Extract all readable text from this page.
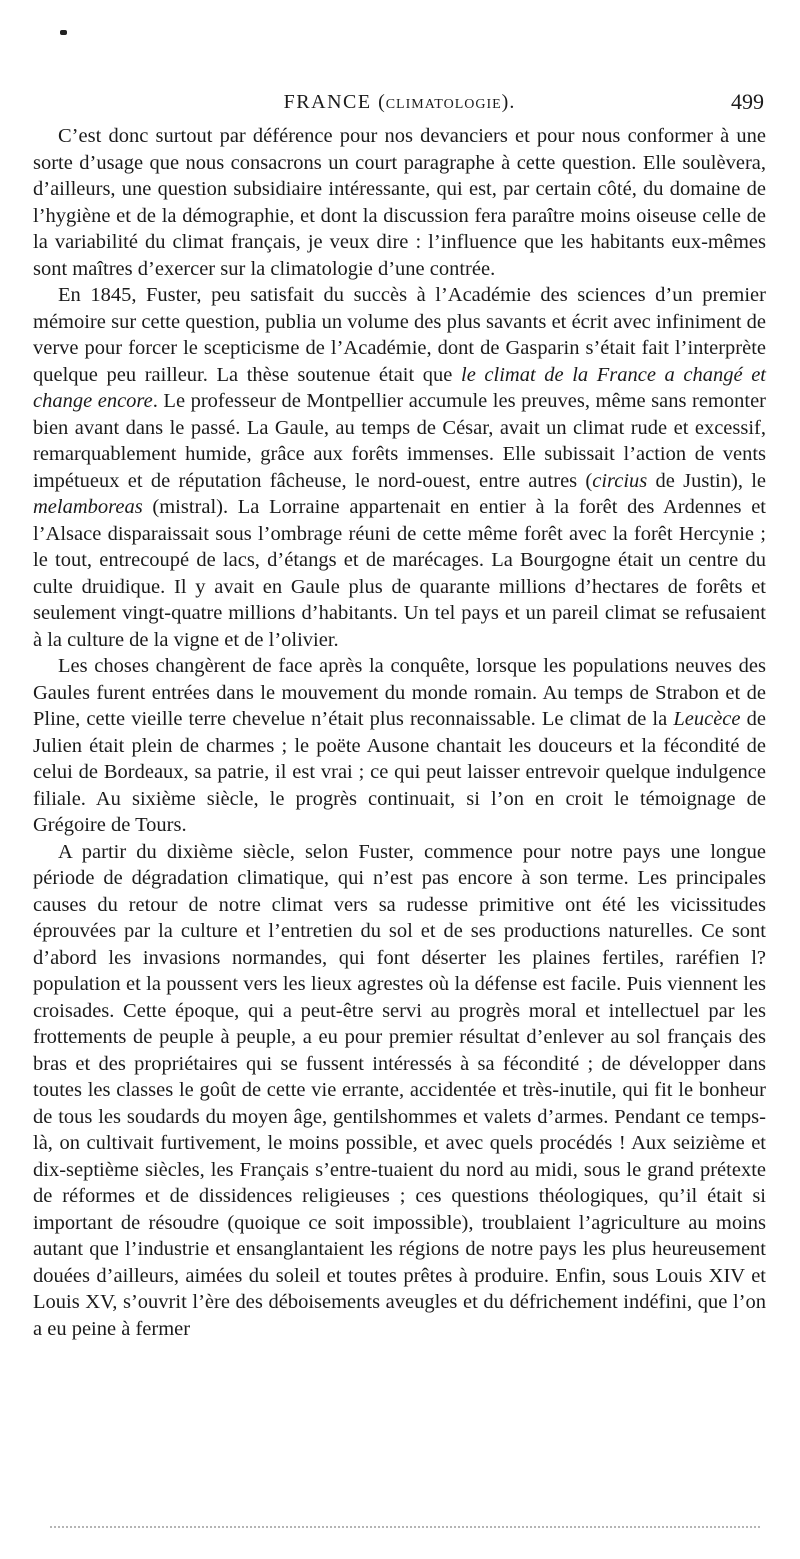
FRANCE (climatologie).	499

C’est donc surtout par déférence pour nos devanciers et pour nous conformer à une sorte d’usage que nous consacrons un court paragraphe à cette question. Elle soulèvera, d’ailleurs, une question subsidiaire intéressante, qui est, par certain côté, du domaine de l’hygiène et de la démographie, et dont la discussion fera paraître moins oiseuse celle de la variabilité du climat français, je veux dire : l’influence que les habitants eux-mêmes sont maîtres d’exercer sur la climatologie d’une contrée.

En 1845, Fuster, peu satisfait du succès à l’Académie des sciences d’un premier mémoire sur cette question, publia un volume des plus savants et écrit avec infiniment de verve pour forcer le scepticisme de l’Académie, dont de Gasparin s’était fait l’interprète quelque peu railleur. La thèse soutenue était que le climat de la France a changé et change encore. Le professeur de Montpellier accumule les preuves, même sans remonter bien avant dans le passé. La Gaule, au temps de César, avait un climat rude et excessif, remarquablement humide, grâce aux forêts immenses. Elle subissait l’action de vents impétueux et de réputation fâcheuse, le nord-ouest, entre autres (circius de Justin), le melamboreas (mistral). La Lorraine appartenait en entier à la forêt des Ardennes et l’Alsace disparaissait sous l’ombrage réuni de cette même forêt avec la forêt Hercynie ; le tout, entrecoupé de lacs, d’étangs et de marécages. La Bourgogne était un centre du culte druidique. Il y avait en Gaule plus de quarante millions d’hectares de forêts et seulement vingt-quatre millions d’habitants. Un tel pays et un pareil climat se refusaient à la culture de la vigne et de l’olivier.

Les choses changèrent de face après la conquête, lorsque les populations neuves des Gaules furent entrées dans le mouvement du monde romain. Au temps de Strabon et de Pline, cette vieille terre chevelue n’était plus reconnaissable. Le climat de la Leucèce de Julien était plein de charmes ; le poëte Ausone chantait les douceurs et la fécondité de celui de Bordeaux, sa patrie, il est vrai ; ce qui peut laisser entrevoir quelque indulgence filiale. Au sixième siècle, le progrès continuait, si l’on en croit le témoignage de Grégoire de Tours.

A partir du dixième siècle, selon Fuster, commence pour notre pays une longue période de dégradation climatique, qui n’est pas encore à son terme. Les principales causes du retour de notre climat vers sa rudesse primitive ont été les vicissitudes éprouvées par la culture et l’entretien du sol et de ses productions naturelles. Ce sont d’abord les invasions normandes, qui font déserter les plaines fertiles, raréfien l? population et la poussent vers les lieux agrestes où la défense est facile. Puis viennent les croisades. Cette époque, qui a peut-être servi au progrès moral et intellectuel par les frottements de peuple à peuple, a eu pour premier résultat d’enlever au sol français des bras et des propriétaires qui se fussent intéressés à sa fécondité ; de développer dans toutes les classes le goût de cette vie errante, accidentée et très-inutile, qui fit le bonheur de tous les soudards du moyen âge, gentilshommes et valets d’armes. Pendant ce temps-là, on cultivait furtivement, le moins possible, et avec quels procédés ! Aux seizième et dix-septième siècles, les Français s’entre-tuaient du nord au midi, sous le grand prétexte de réformes et de dissidences religieuses ; ces questions théologiques, qu’il était si important de résoudre (quoique ce soit impossible), troublaient l’agriculture au moins autant que l’industrie et ensanglantaient les régions de notre pays les plus heureusement douées d’ailleurs, aimées du soleil et toutes prêtes à produire. Enfin, sous Louis XIV et Louis XV, s’ouvrit l’ère des déboisements aveugles et du défrichement indéfini, que l’on a eu peine à fermer
